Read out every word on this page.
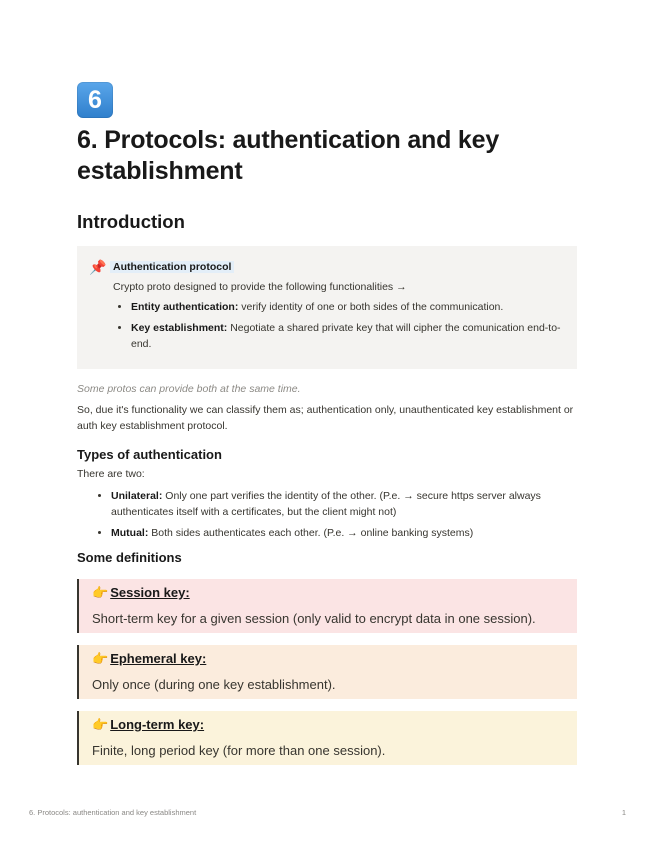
6
6. Protocols: authentication and key establishment
Introduction
📌 Authentication protocol
Crypto proto designed to provide the following functionalities →
• Entity authentication: verify identity of one or both sides of the communication.
• Key establishment: Negotiate a shared private key that will cipher the comunication end-to-end.
Some protos can provide both at the same time.
So, due it's functionality we can classify them as; authentication only, unauthenticated key establishment or auth key establishment protocol.
Types of authentication
There are two:
• Unilateral: Only one part verifies the identity of the other. (P.e. → secure https server always authenticates itself with a certificates, but the client might not)
• Mutual: Both sides authenticates each other. (P.e. → online banking systems)
Some definitions
👉 Session key:
Short-term key for a given session (only valid to encrypt data in one session).
👉 Ephemeral key:
Only once (during one key establishment).
👉 Long-term key:
Finite, long period key (for more than one session).
6. Protocols: authentication and key establishment	1
